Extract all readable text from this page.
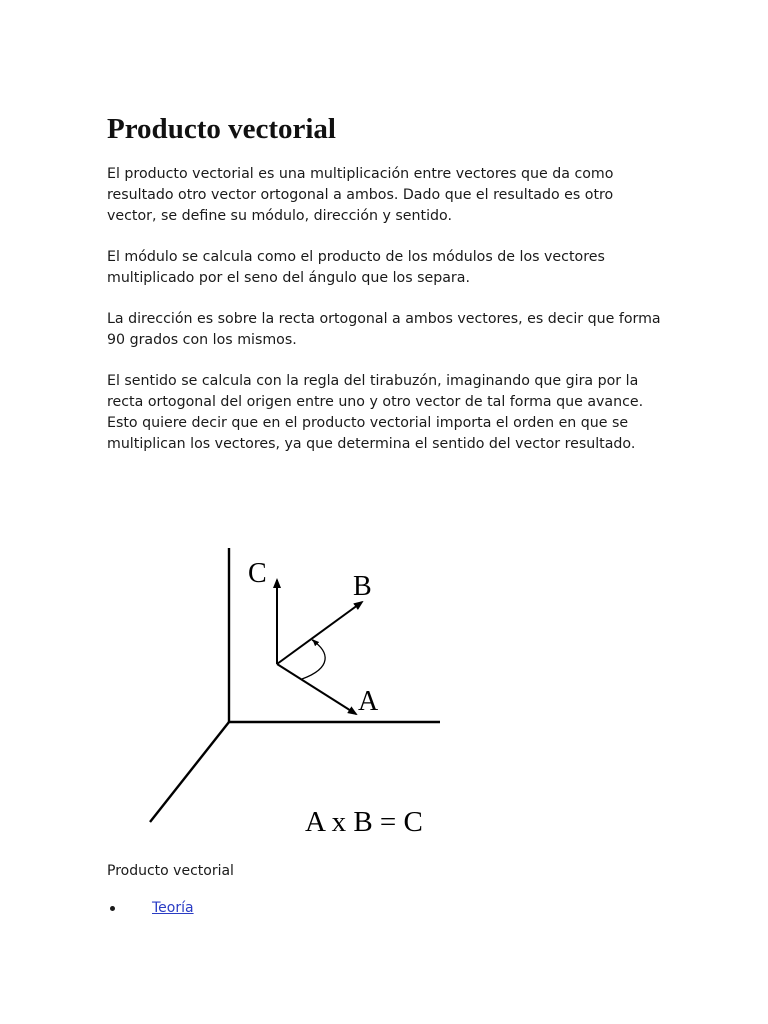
Producto vectorial

El producto vectorial es una multiplicación entre vectores que da como resultado otro vector ortogonal a ambos. Dado que el resultado es otro vector, se define su módulo, dirección y sentido.

El módulo se calcula como el producto de los módulos de los vectores multiplicado por el seno del ángulo que los separa.

La dirección es sobre la recta ortogonal a ambos vectores, es decir que forma 90 grados con los mismos.

El sentido se calcula con la regla del tirabuzón, imaginando que gira por la recta ortogonal del origen entre uno y otro vector de tal forma que avance. Esto quiere decir que en el producto vectorial importa el orden en que se multiplican los vectores, ya que determina el sentido del vector resultado.

C	B
A
A x B = C
Producto vectorial
Teoría
